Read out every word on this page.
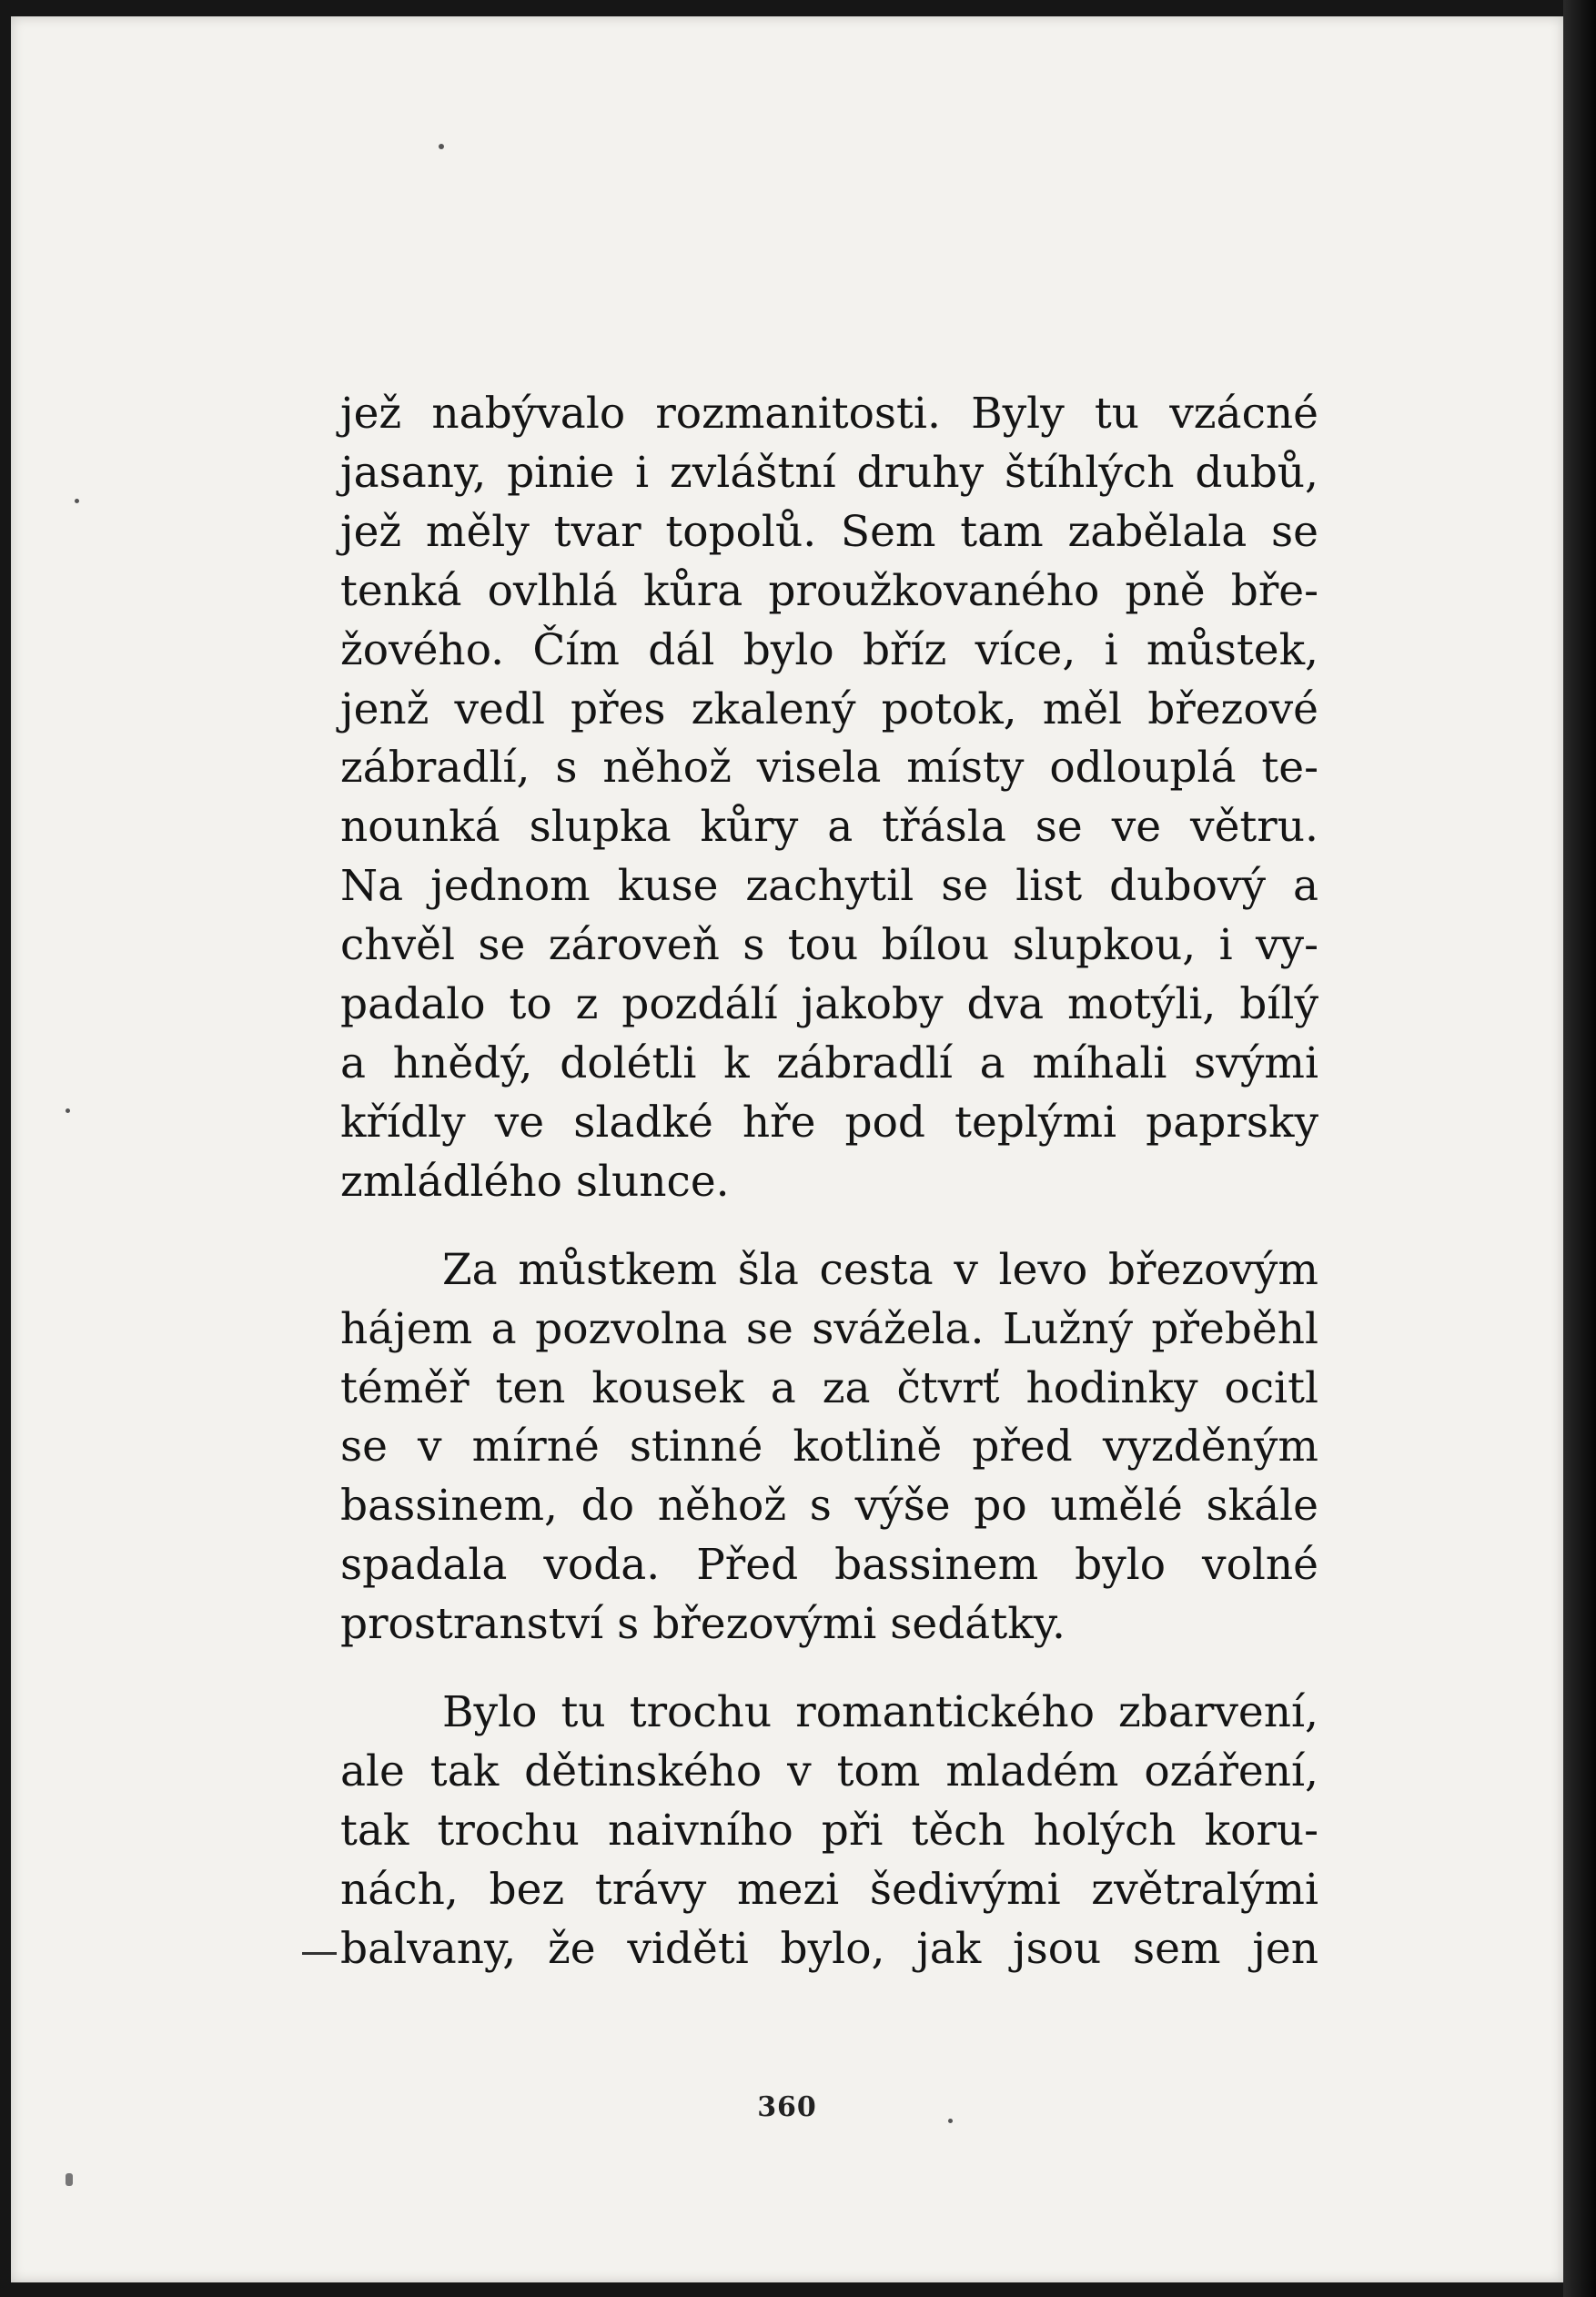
jež nabývalo rozmanitosti. Byly tu vzácné
jasany, pinie i zvláštní druhy štíhlých dubů,
jež měly tvar topolů. Sem tam zabělala se
tenká ovlhlá kůra proužkovaného pně bře-
žového. Čím dál bylo bříz více, i můstek,
jenž vedl přes zkalený potok, měl březové
zábradlí, s něhož visela místy odlouplá te-
nounká slupka kůry a třásla se ve větru.
Na jednom kuse zachytil se list dubový a
chvěl se zároveň s tou bílou slupkou, i vy-
padalo to z pozdálí jakoby dva motýli, bílý
a hnědý, dolétli k zábradlí a míhali svými
křídly ve sladké hře pod teplými paprsky
zmládlého slunce.

Za můstkem šla cesta v levo březovým
hájem a pozvolna se svážela. Lužný přeběhl
téměř ten kousek a za čtvrť hodinky ocitl
se v mírné stinné kotlině před vyzděným
bassinem, do něhož s výše po umělé skále
spadala voda. Před bassinem bylo volné
prostranství s březovými sedátky.

Bylo tu trochu romantického zbarvení,
ale tak dětinského v tom mladém ozáření,
tak trochu naivního při těch holých koru-
nách, bez trávy mezi šedivými zvětralými
balvany, že viděti bylo, jak jsou sem jen

360
